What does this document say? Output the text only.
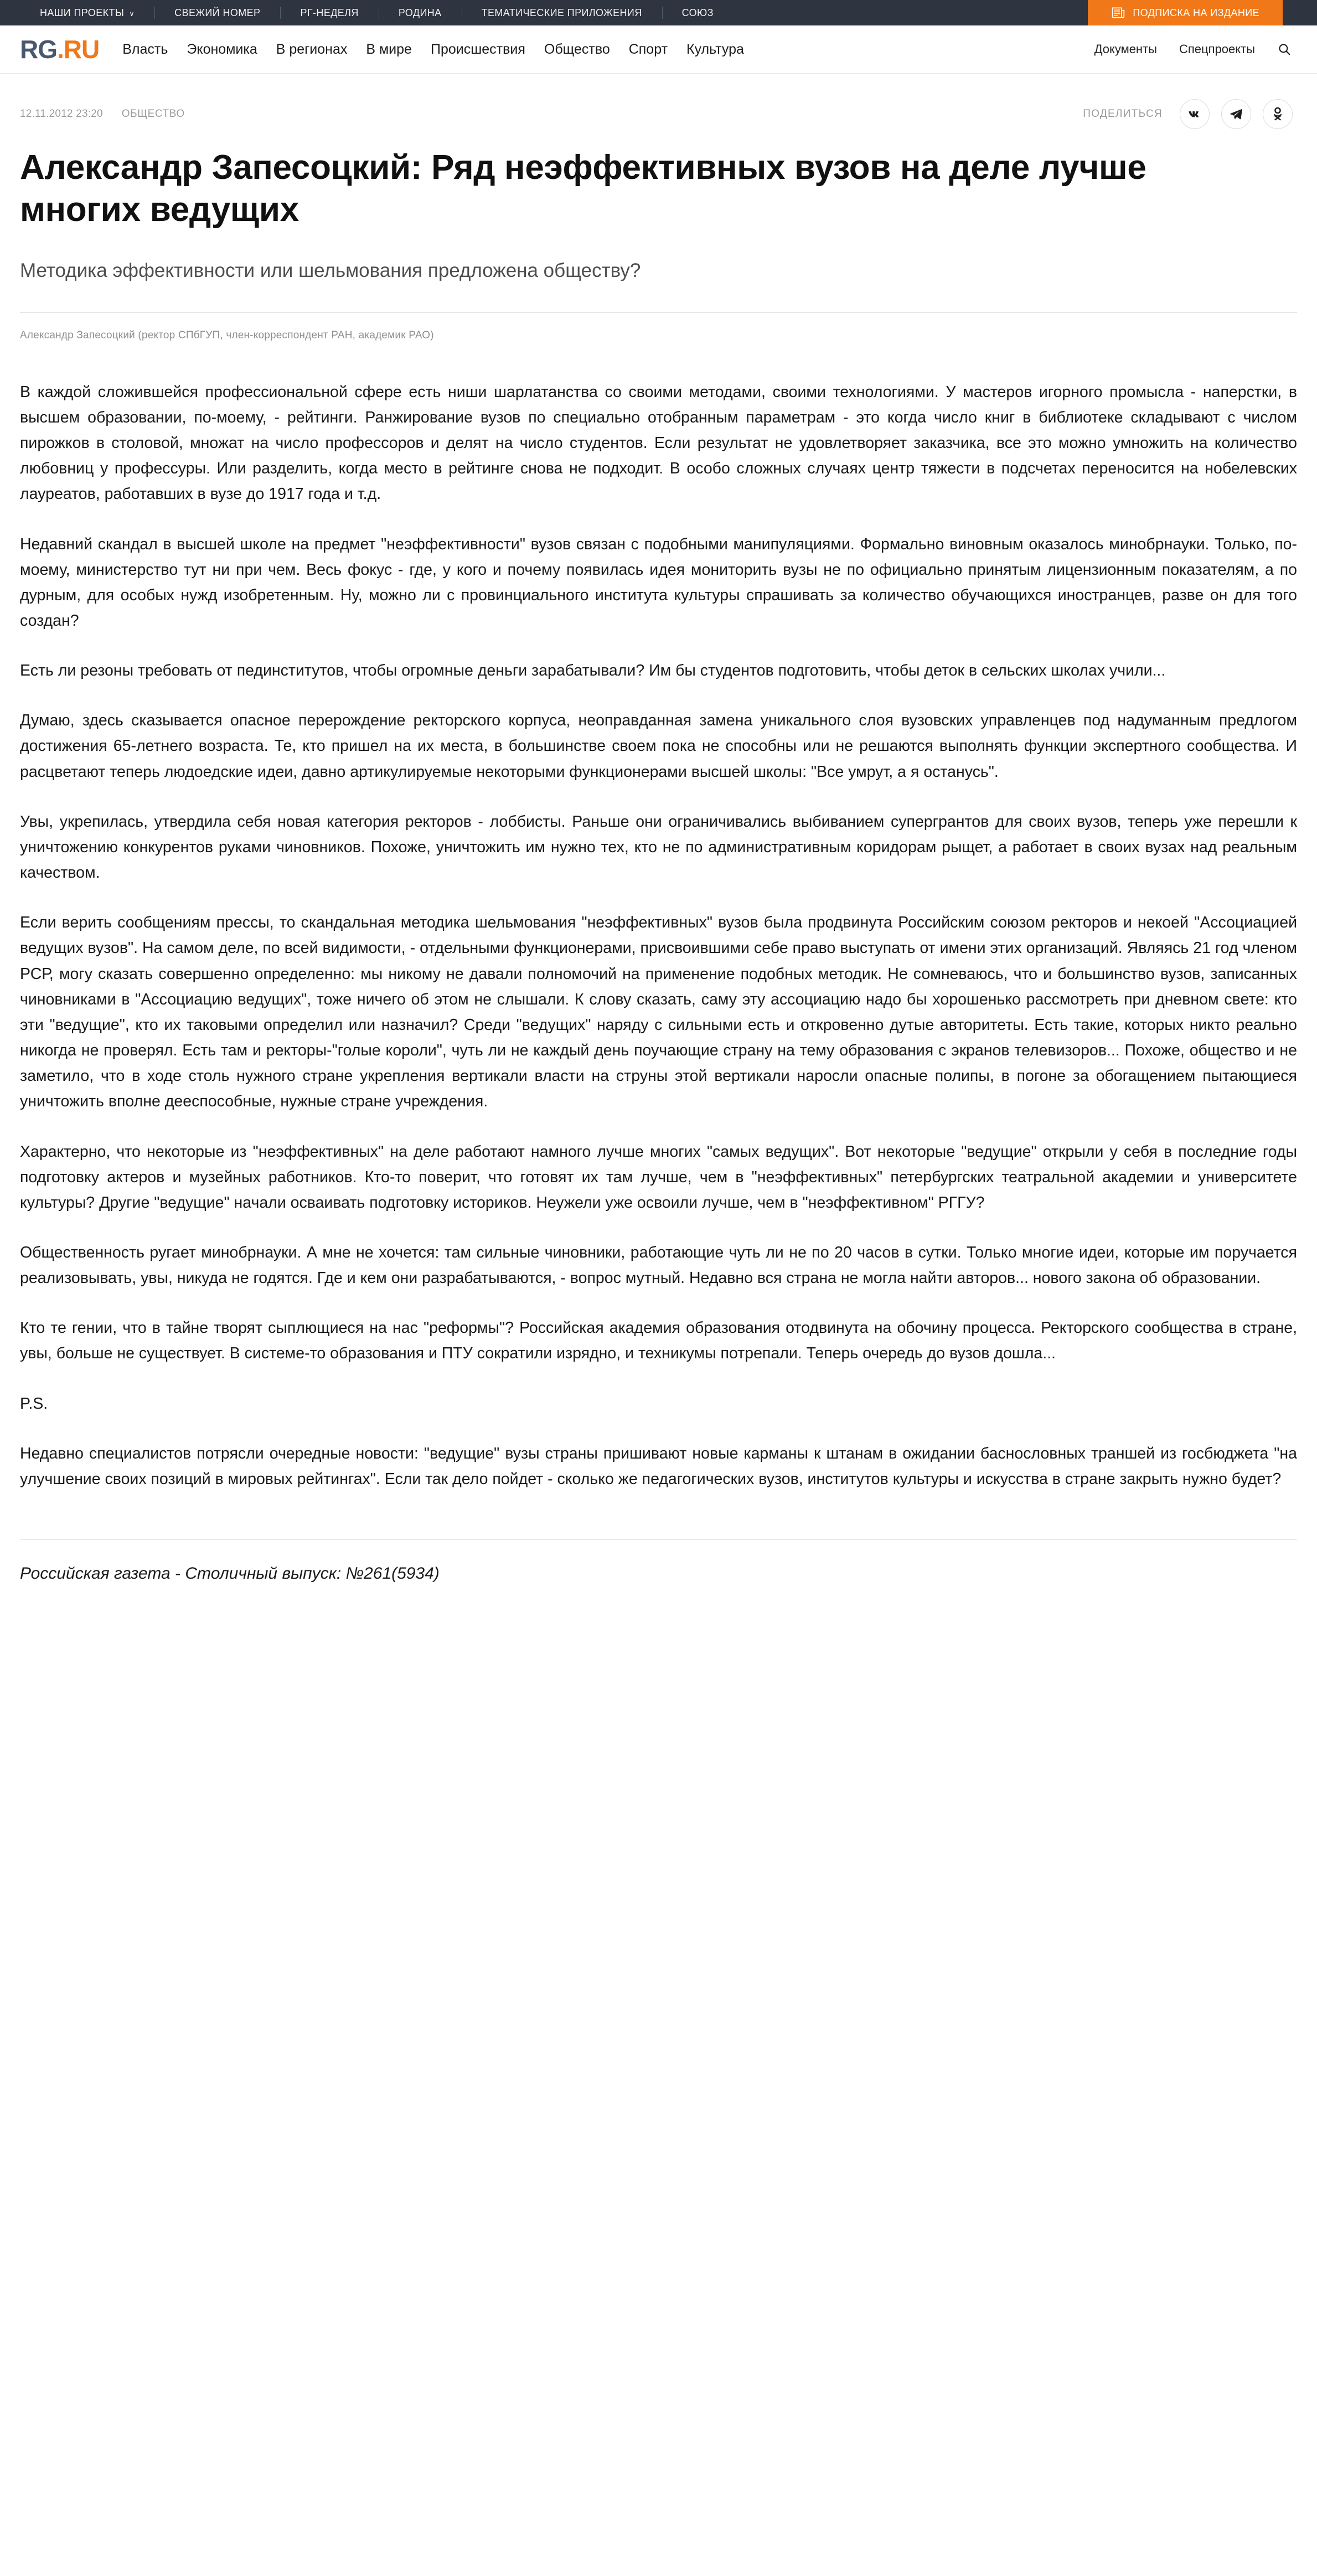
НАШИ ПРОЕКТЫ ∨	СВЕЖИЙ НОМЕР	РГ-НЕДЕЛЯ	РОДИНА	ТЕМАТИЧЕСКИЕ ПРИЛОЖЕНИЯ	СОЮЗ	ПОДПИСКА НА ИЗДАНИЕ
RG.RU Власть Экономика В регионах В мире Происшествия Общество Спорт Культура	Документы Спецпроекты
12.11.2012 23:20 ОБЩЕСТВО	ПОДЕЛИТЬСЯ
Александр Запесоцкий: Ряд неэффективных вузов на деле лучше многих ведущих
Методика эффективности или шельмования предложена обществу?
Александр Запесоцкий (ректор СПбГУП, член-корреспондент РАН, академик РАО)

В каждой сложившейся профессиональной сфере есть ниши шарлатанства со своими методами, своими технологиями. У мастеров игорного промысла - наперстки, в высшем образовании, по-моему, - рейтинги. Ранжирование вузов по специально отобранным параметрам - это когда число книг в библиотеке складывают с числом пирожков в столовой, множат на число профессоров и делят на число студентов. Если результат не удовлетворяет заказчика, все это можно умножить на количество любовниц у профессуры. Или разделить, когда место в рейтинге снова не подходит. В особо сложных случаях центр тяжести в подсчетах переносится на нобелевских лауреатов, работавших в вузе до 1917 года и т.д.

Недавний скандал в высшей школе на предмет "неэффективности" вузов связан с подобными манипуляциями. Формально виновным оказалось минобрнауки. Только, по-моему, министерство тут ни при чем. Весь фокус - где, у кого и почему появилась идея мониторить вузы не по официально принятым лицензионным показателям, а по дурным, для особых нужд изобретенным. Ну, можно ли с провинциального института культуры спрашивать за количество обучающихся иностранцев, разве он для того создан?

Есть ли резоны требовать от пединститутов, чтобы огромные деньги зарабатывали? Им бы студентов подготовить, чтобы деток в сельских школах учили...

Думаю, здесь сказывается опасное перерождение ректорского корпуса, неоправданная замена уникального слоя вузовских управленцев под надуманным предлогом достижения 65-летнего возраста. Те, кто пришел на их места, в большинстве своем пока не способны или не решаются выполнять функции экспертного сообщества. И расцветают теперь людоедские идеи, давно артикулируемые некоторыми функционерами высшей школы: "Все умрут, а я останусь".

Увы, укрепилась, утвердила себя новая категория ректоров - лоббисты. Раньше они ограничивались выбиванием супергрантов для своих вузов, теперь уже перешли к уничтожению конкурентов руками чиновников. Похоже, уничтожить им нужно тех, кто не по административным коридорам рыщет, а работает в своих вузах над реальным качеством.

Если верить сообщениям прессы, то скандальная методика шельмования "неэффективных" вузов была продвинута Российским союзом ректоров и некоей "Ассоциацией ведущих вузов". На самом деле, по всей видимости, - отдельными функционерами, присвоившими себе право выступать от имени этих организаций. Являясь 21 год членом РСР, могу сказать совершенно определенно: мы никому не давали полномочий на применение подобных методик. Не сомневаюсь, что и большинство вузов, записанных чиновниками в "Ассоциацию ведущих", тоже ничего об этом не слышали. К слову сказать, саму эту ассоциацию надо бы хорошенько рассмотреть при дневном свете: кто эти "ведущие", кто их таковыми определил или назначил? Среди "ведущих" наряду с сильными есть и откровенно дутые авторитеты. Есть такие, которых никто реально никогда не проверял. Есть там и ректоры-"голые короли", чуть ли не каждый день поучающие страну на тему образования с экранов телевизоров... Похоже, общество и не заметило, что в ходе столь нужного стране укрепления вертикали власти на струны этой вертикали наросли опасные полипы, в погоне за обогащением пытающиеся уничтожить вполне дееспособные, нужные стране учреждения.

Характерно, что некоторые из "неэффективных" на деле работают намного лучше многих "самых ведущих". Вот некоторые "ведущие" открыли у себя в последние годы подготовку актеров и музейных работников. Кто-то поверит, что готовят их там лучше, чем в "неэффективных" петербургских театральной академии и университете культуры? Другие "ведущие" начали осваивать подготовку историков. Неужели уже освоили лучше, чем в "неэффективном" РГГУ?

Общественность ругает минобрнауки. А мне не хочется: там сильные чиновники, работающие чуть ли не по 20 часов в сутки. Только многие идеи, которые им поручается реализовывать, увы, никуда не годятся. Где и кем они разрабатываются, - вопрос мутный. Недавно вся страна не могла найти авторов... нового закона об образовании.

Кто те гении, что в тайне творят сыплющиеся на нас "реформы"? Российская академия образования отодвинута на обочину процесса. Ректорского сообщества в стране, увы, больше не существует. В системе-то образования и ПТУ сократили изрядно, и техникумы потрепали. Теперь очередь до вузов дошла...

P.S.

Недавно специалистов потрясли очередные новости: "ведущие" вузы страны пришивают новые карманы к штанам в ожидании баснословных траншей из госбюджета "на улучшение своих позиций в мировых рейтингах". Если так дело пойдет - сколько же педагогических вузов, институтов культуры и искусства в стране закрыть нужно будет?

Российская газета - Столичный выпуск: №261(5934)
